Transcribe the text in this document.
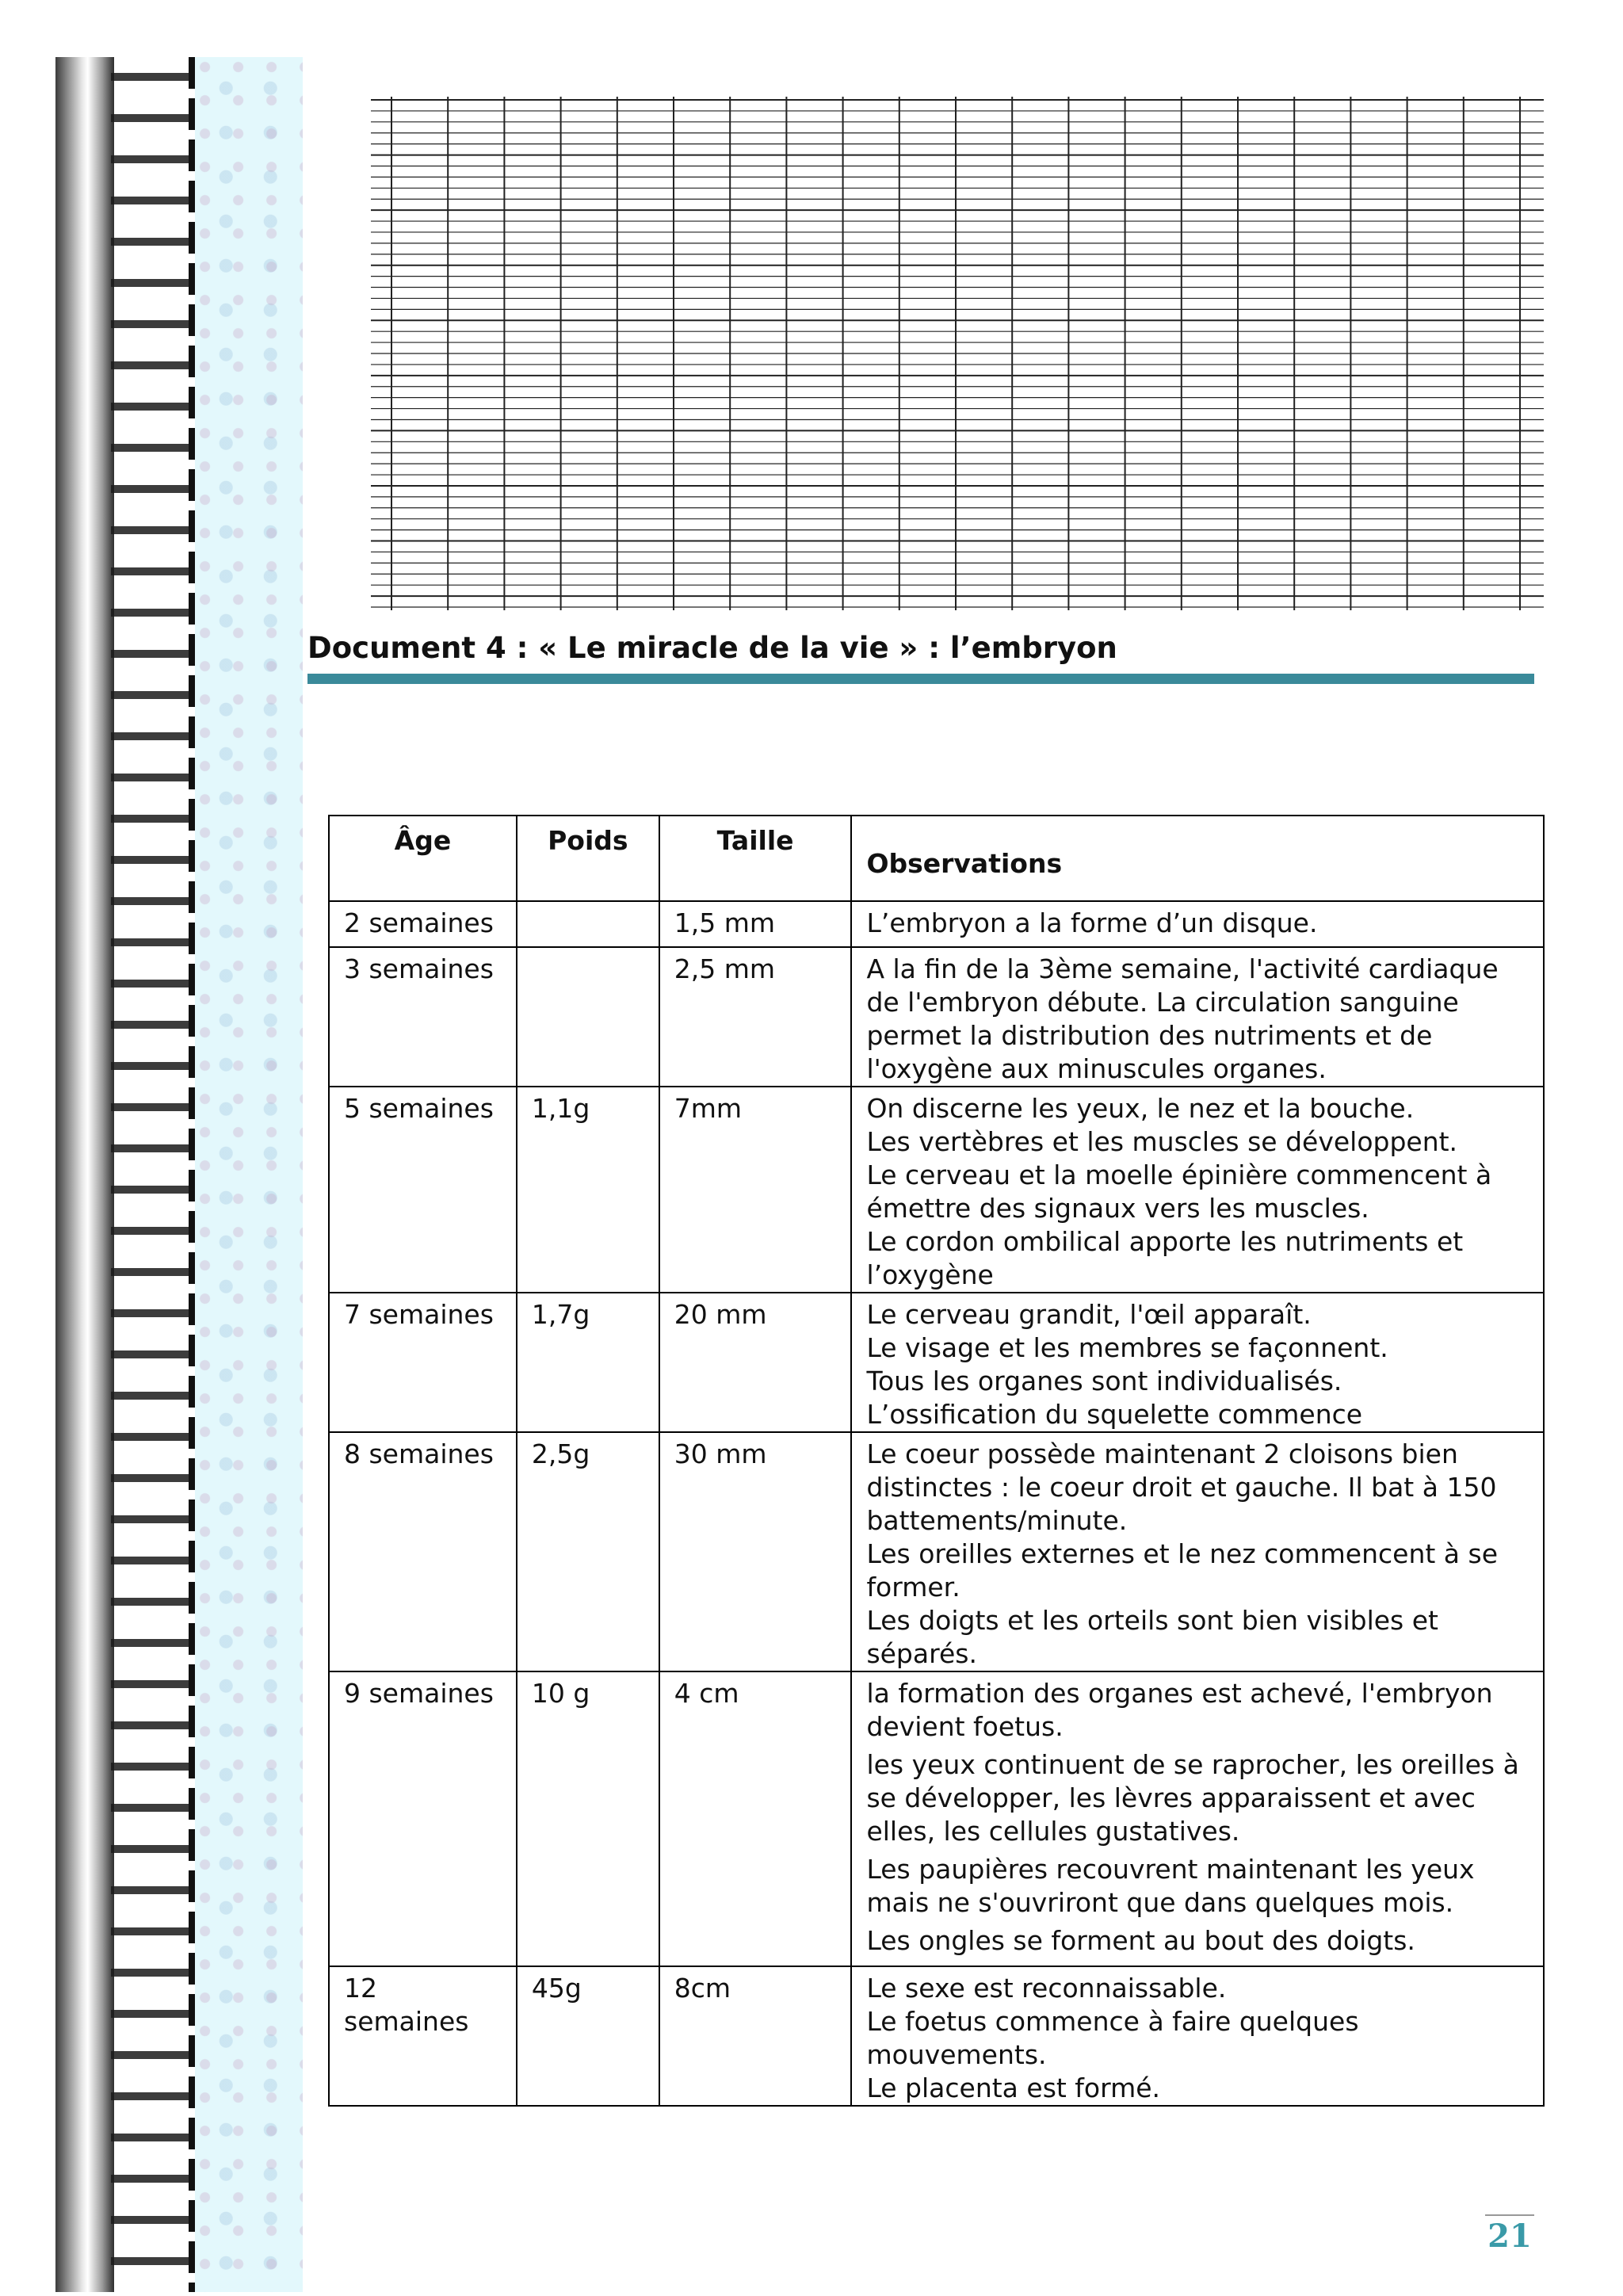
Document 4 : « Le miracle de la vie » : l’embryon
Âge	Poids	Taille	Observations
2 semaines		1,5 mm	L’embryon a la forme d’un disque.

3 semaines		2,5 mm	A la fin de la 3ème semaine, l'activité cardiaque de l'embryon débute. La circulation sanguine permet la distribution des nutriments et de l'oxygène aux minuscules organes.

5 semaines	1,1g	7mm	On discerne les yeux, le nez et la bouche.

Les vertèbres et les muscles se développent.

Le cerveau et la moelle épinière commencent à émettre des signaux vers les muscles.

Le cordon ombilical apporte les nutriments et l’oxygène

7 semaines	1,7g	20 mm	Le cerveau grandit, l'œil apparaît.

Le visage et les membres se façonnent.

Tous les organes sont individualisés.

L’ossification du squelette commence

8 semaines	2,5g	30 mm	Le coeur possède maintenant 2 cloisons bien distinctes : le coeur droit et gauche. Il bat à 150 battements/minute.

Les oreilles externes et le nez commencent à se former.

Les doigts et les orteils sont bien visibles et séparés.

9 semaines	10 g	4 cm	la formation des organes est achevé, l'embryon devient foetus.

les yeux continuent de se raprocher, les oreilles à se développer, les lèvres apparaissent et avec elles, les cellules gustatives.

Les paupières recouvrent maintenant les yeux mais ne s'ouvriront que dans quelques mois.

Les ongles se forment au bout des doigts.

12 semaines	45g	8cm	Le sexe est reconnaissable.

Le foetus commence à faire quelques mouvements.

Le placenta est formé.

21
